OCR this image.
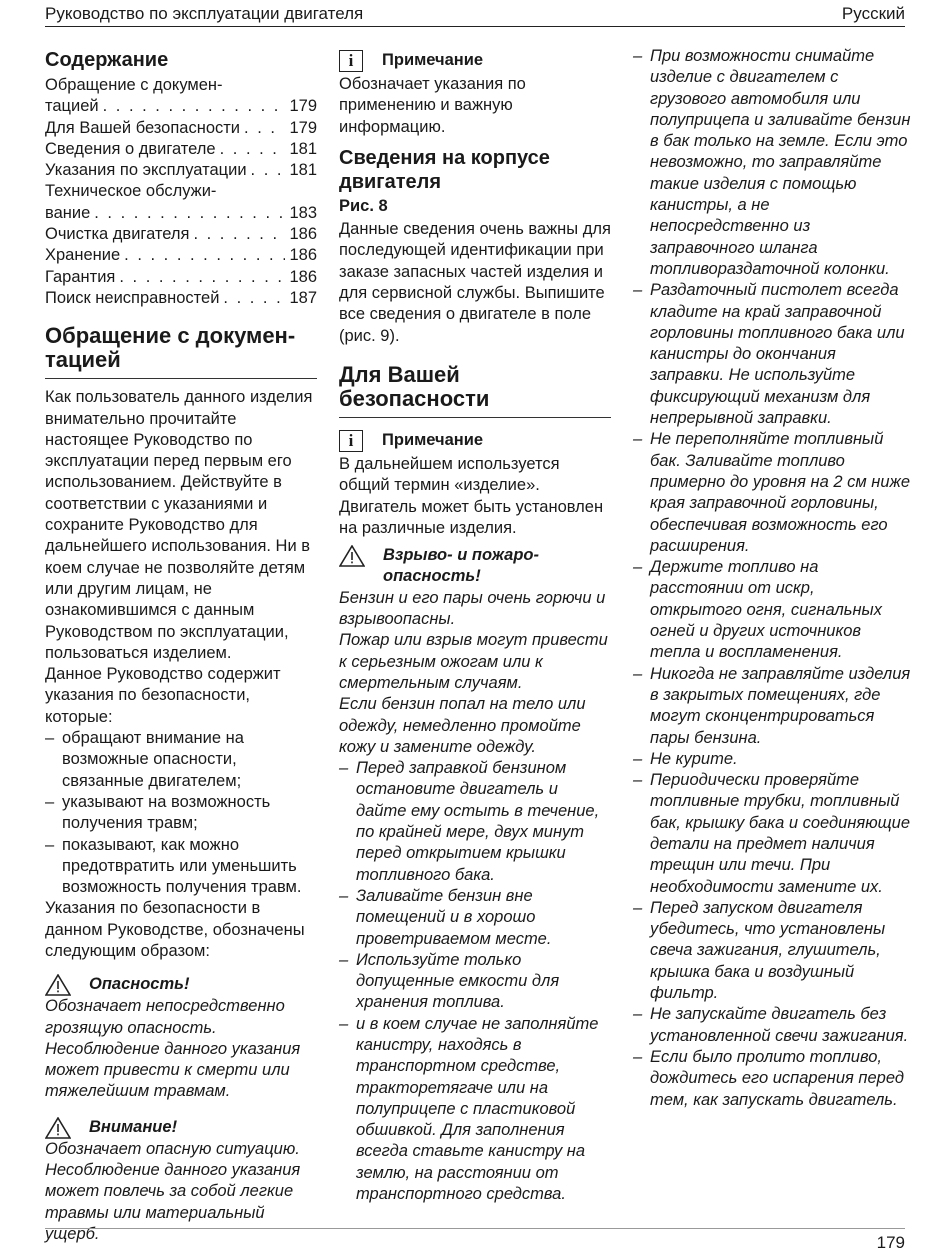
Руководство по эксплуатации двигателя	Русский
Содержание
Обращение с докумен-
тацией . . .	179
Для Вашей безопасности . . .	179
Сведения о двигателе . . .	181
Указания по эксплуатации . . .	181
Техническое обслужи-
вание . . .	183
Очистка двигателя . . .	186
Хранение . . .	186
Гарантия . . .	186
Поиск неисправностей . . .	187
Обращение с докумен-тацией

Как пользователь данного изделия внимательно прочитайте настоящее Руководство по эксплуатации перед первым его использованием. Действуйте в соответствии с указаниями и сохраните Руководство для дальнейшего использования. Ни в коем случае не позволяйте детям или другим лицам, не ознакомившимся с данным Руководством по эксплуатации, пользоваться изделием.

Данное Руководство содержит указания по безопасности, которые:

– обращают внимание на возможные опасности, связанные двигателем;
– указывают на возможность получения травм;
– показывают, как можно предотвратить или уменьшить возможность получения травм.

Указания по безопасности в данном Руководстве, обозначены следующим образом:

Опасность!

Обозначает непосредственно грозящую опасность. Несоблюдение данного указания может привести к смерти или тяжелейшим травмам.

Внимание!

Обозначает опасную ситуацию. Несоблюдение данного указания может повлечь за собой легкие травмы или материальный ущерб.

i	Примечание

Обозначает указания по применению и важную информацию.

Сведения на корпусе двигателя
Рис. 8

Данные сведения очень важны для последующей идентификации при заказе запасных частей изделия и для сервисной службы. Выпишите все сведения о двигателе в поле (рис. 9).

Для Вашей безопасности
i	Примечание

В дальнейшем используется общий термин «изделие». Двигатель может быть установлен на различные изделия.

Взрыво- и пожаро-опасность!

Бензин и его пары очень горючи и взрывоопасны.

Пожар или взрыв могут привести к серьезным ожогам или к смертельным случаям.

Если бензин попал на тело или одежду, немедленно промойте кожу и замените одежду.

– Перед заправкой бензином остановите двигатель и дайте ему остыть в течение, по крайней мере, двух минут перед открытием крышки топливного бака.
– Заливайте бензин вне помещений и в хорошо проветриваемом месте.
– Используйте только допущенные емкости для хранения топлива.
– и в коем случае не заполняйте канистру, находясь в транспортном средстве, тракторетягаче или на полуприцепе с пластиковой обшивкой. Для заполнения всегда ставьте канистру на землю, на расстоянии от транспортного средства.
– При возможности снимайте изделие с двигателем с грузового автомобиля или полуприцепа и заливайте бензин в бак только на земле. Если это невозможно, то заправляйте такие изделия с помощью канистры, а не непосредственно из заправочного шланга топливораздаточной колонки.
– Раздаточный пистолет всегда кладите на край заправочной горловины топливного бака или канистры до окончания заправки. Не используйте фиксирующий механизм для непрерывной заправки.
– Не переполняйте топливный бак. Заливайте топливо примерно до уровня на 2 см ниже края заправочной горловины, обеспечивая возможность его расширения.
– Держите топливо на расстоянии от искр, открытого огня, сигнальных огней и других источников тепла и воспламенения.
– Никогда не заправляйте изделия в закрытых помещениях, где могут сконцентрироваться пары бензина.
– Не курите.
– Периодически проверяйте топливные трубки, топливный бак, крышку бака и соединяющие детали на предмет наличия трещин или течи. При необходимости замените их.
– Перед запуском двигателя убедитесь, что установлены свеча зажигания, глушитель, крышка бака и воздушный фильтр.
– Не запускайте двигатель без установленной свечи зажигания.
– Если было пролито топливо, дождитесь его испарения перед тем, как запускать двигатель.
179
